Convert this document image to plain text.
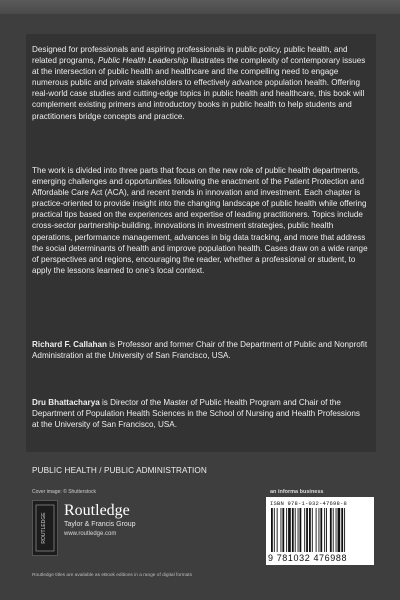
Designed for professionals and aspiring professionals in public policy, public health, and related programs, Public Health Leadership illustrates the complexity of contemporary issues at the intersection of public health and healthcare and the compelling need to engage numerous public and private stakeholders to effectively advance population health. Offering real-world case studies and cutting-edge topics in public health and healthcare, this book will complement existing primers and introductory books in public health to help students and practitioners bridge concepts and practice.

The work is divided into three parts that focus on the new role of public health departments, emerging challenges and opportunities following the enactment of the Patient Protection and Affordable Care Act (ACA), and recent trends in innovation and investment. Each chapter is practice-oriented to provide insight into the changing landscape of public health while offering practical tips based on the experiences and expertise of leading practitioners. Topics include cross-sector partnership-building, innovations in investment strategies, public health operations, performance management, advances in big data tracking, and more that address the social determinants of health and improve population health. Cases draw on a wide range of perspectives and regions, encouraging the reader, whether a professional or student, to apply the lessons learned to one’s local context.

Richard F. Callahan is Professor and former Chair of the Department of Public and Nonprofit Administration at the University of San Francisco, USA.

Dru Bhattacharya is Director of the Master of Public Health Program and Chair of the Department of Population Health Sciences in the School of Nursing and Health Professions at the University of San Francisco, USA.

PUBLIC HEALTH / PUBLIC ADMINISTRATION
Cover image: © Shutterstock
ROUTLEDGE
Routledge
Taylor & Francis Group
www.routledge.com
an informa business
ISBN 978-1-032-47698-8
9 781032 476988
Routledge titles are available as eBook editions in a range of digital formats
